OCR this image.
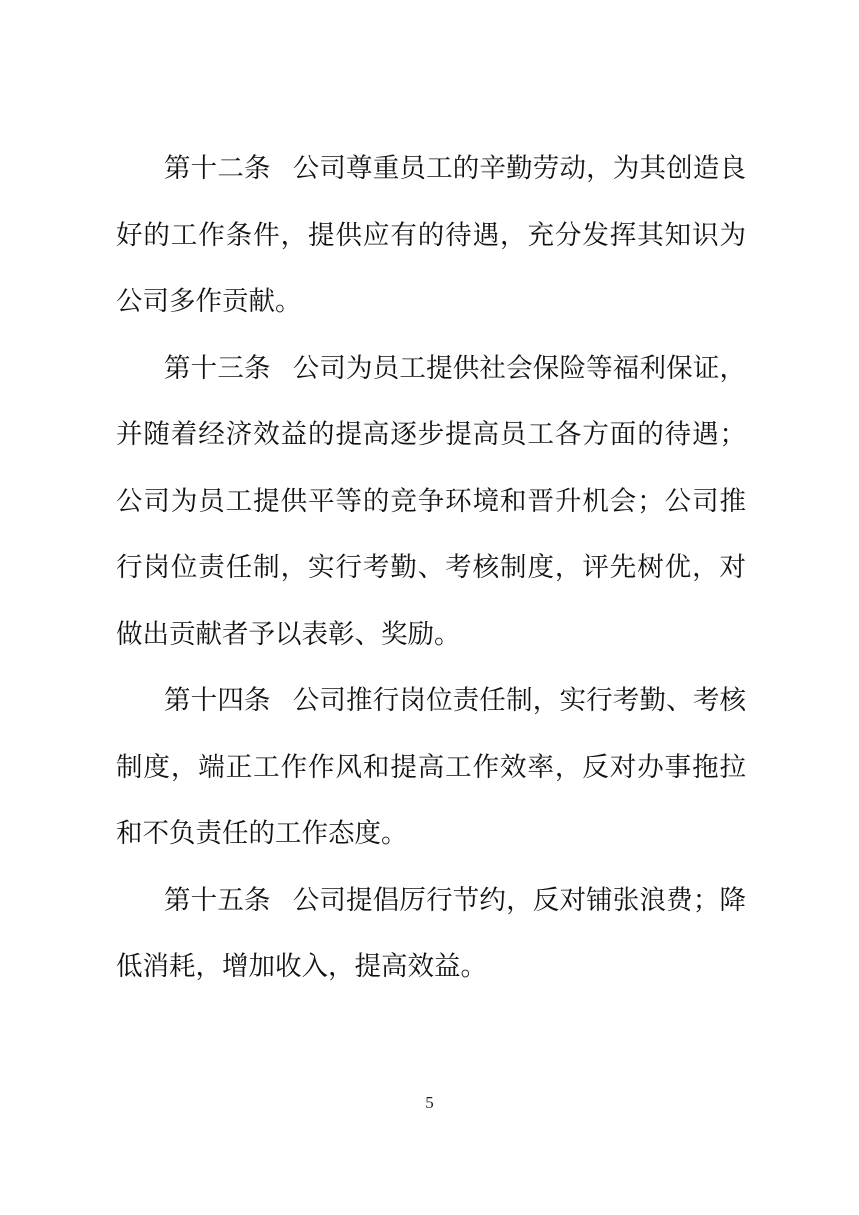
第十二条 公司尊重员工的辛勤劳动，为其创造良好的工作条件，提供应有的待遇，充分发挥其知识为公司多作贡献。

第十三条 公司为员工提供社会保险等福利保证，并随着经济效益的提高逐步提高员工各方面的待遇；公司为员工提供平等的竞争环境和晋升机会；公司推行岗位责任制，实行考勤、考核制度，评先树优，对做出贡献者予以表彰、奖励。

第十四条 公司推行岗位责任制，实行考勤、考核制度，端正工作作风和提高工作效率，反对办事拖拉和不负责任的工作态度。

第十五条 公司提倡厉行节约，反对铺张浪费；降低消耗，增加收入，提高效益。

5
